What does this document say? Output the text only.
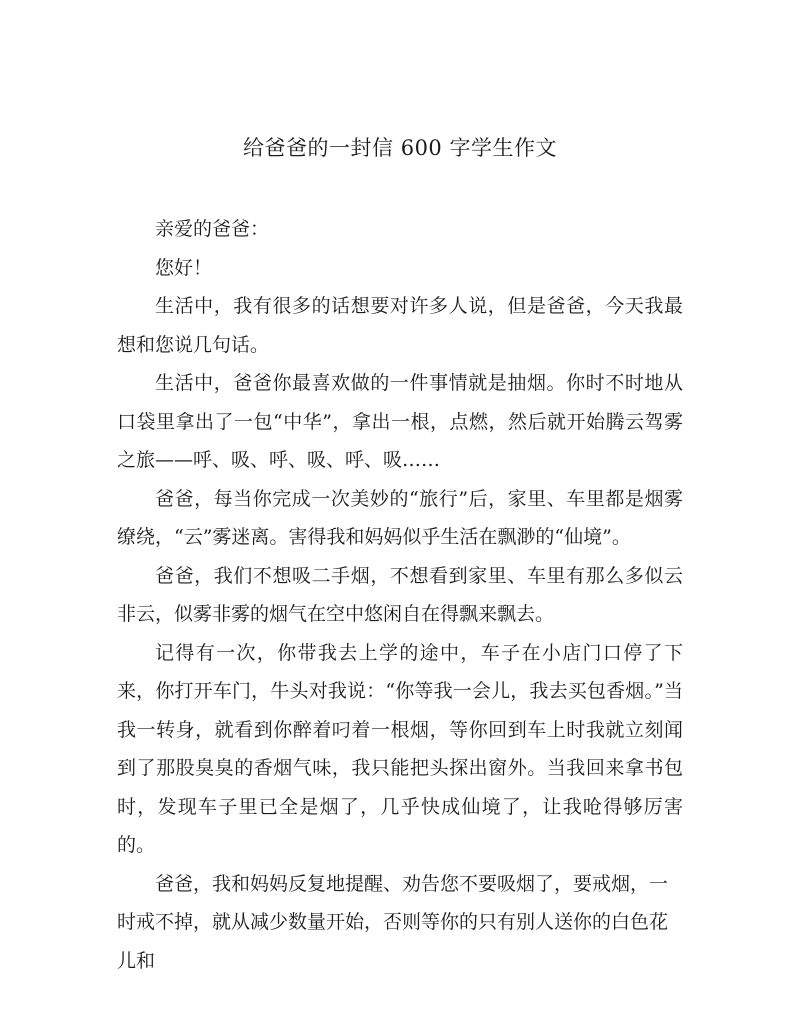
给爸爸的一封信 600 字学生作文

亲爱的爸爸：

您好！

生活中，我有很多的话想要对许多人说，但是爸爸，今天我最想和您说几句话。

生活中，爸爸你最喜欢做的一件事情就是抽烟。你时不时地从口袋里拿出了一包“中华”，拿出一根，点燃，然后就开始腾云驾雾之旅——呼、吸、呼、吸、呼、吸……

爸爸，每当你完成一次美妙的“旅行”后，家里、车里都是烟雾缭绕，“云”雾迷离。害得我和妈妈似乎生活在飘渺的“仙境”。

爸爸，我们不想吸二手烟，不想看到家里、车里有那么多似云非云，似雾非雾的烟气在空中悠闲自在得飘来飘去。

记得有一次，你带我去上学的途中，车子在小店门口停了下来，你打开车门，牛头对我说：“你等我一会儿，我去买包香烟。”当我一转身，就看到你醉着叼着一根烟，等你回到车上时我就立刻闻到了那股臭臭的香烟气味，我只能把头探出窗外。当我回来拿书包时，发现车子里已全是烟了，几乎快成仙境了，让我呛得够厉害的。

爸爸，我和妈妈反复地提醒、劝告您不要吸烟了，要戒烟，一时戒不掉，就从减少数量开始，否则等你的只有别人送你的白色花儿和
